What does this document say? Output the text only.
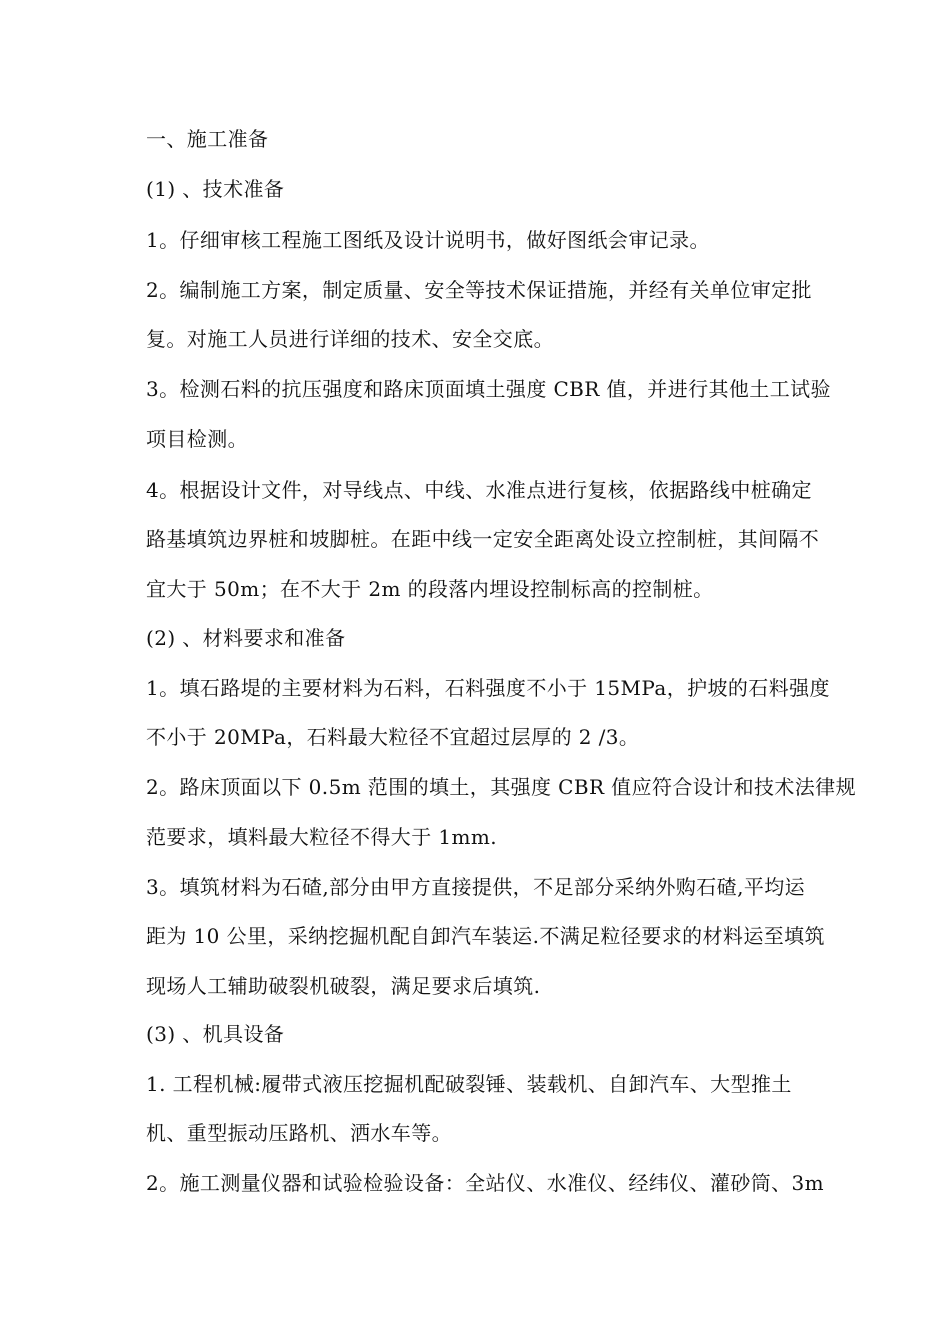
一、施工准备
(1) 、技术准备
1。仔细审核工程施工图纸及设计说明书，做好图纸会审记录。
2。编制施工方案，制定质量、安全等技术保证措施，并经有关单位审定批
复。对施工人员进行详细的技术、安全交底。
3。检测石料的抗压强度和路床顶面填土强度 CBR 值，并进行其他土工试验
项目检测。
4。根据设计文件，对导线点、中线、水准点进行复核，依据路线中桩确定
路基填筑边界桩和坡脚桩。在距中线一定安全距离处设立控制桩，其间隔不
宜大于 50m；在不大于 2m 的段落内埋设控制标高的控制桩。
(2) 、材料要求和准备
1。填石路堤的主要材料为石料，石料强度不小于 15MPa，护坡的石料强度
不小于 20MPa，石料最大粒径不宜超过层厚的 2 /3。
2。路床顶面以下 0.5m 范围的填土，其强度 CBR 值应符合设计和技术法律规
范要求，填料最大粒径不得大于 1mm.
3。填筑材料为石碴,部分由甲方直接提供，不足部分采纳外购石碴,平均运
距为 10 公里，采纳挖掘机配自卸汽车装运.不满足粒径要求的材料运至填筑
现场人工辅助破裂机破裂，满足要求后填筑.
(3) 、机具设备
1. 工程机械:履带式液压挖掘机配破裂锤、装载机、自卸汽车、大型推土
机、重型振动压路机、洒水车等。
2。施工测量仪器和试验检验设备：全站仪、水准仪、经纬仪、灌砂筒、3m
